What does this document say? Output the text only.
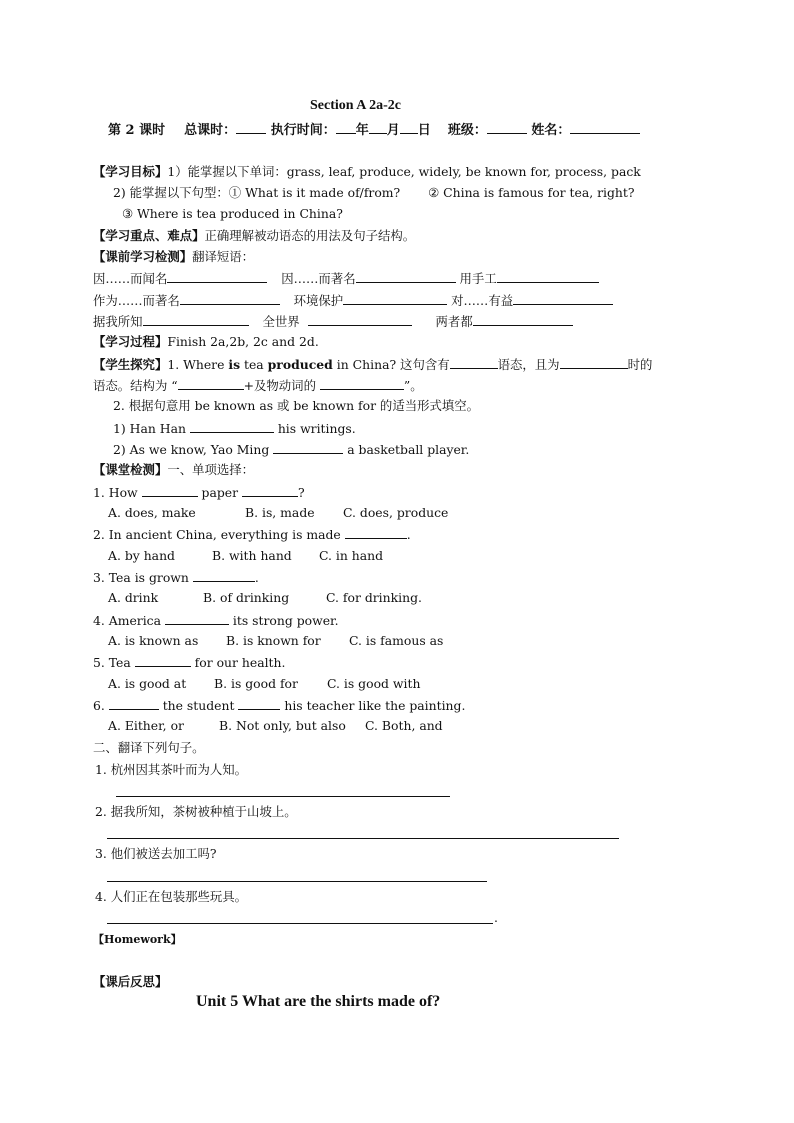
Section A 2a-2c
第 2 课时 总课时：	执行时间： 年 月 日 班级：	姓名：
【学习目标】1）能掌握以下单词：grass, leaf, produce, widely, be known for, process, pack
2) 能掌握以下句型：① What is it made of/from? ② China is famous for tea, right?
③ Where is tea produced in China?
【学习重点、难点】正确理解被动语态的用法及句子结构。
【课前学习检测】翻译短语：
因……而闻名	因……而著名	用手工
作为……而著名	环境保护	对……有益
据我所知	全世界	两者都
【学习过程】Finish 2a,2b, 2c and 2d.
【学生探究】1. Where is tea produced in China? 这句含有	语态，且为	时的
语态。结构为 “	+及物动词的	”。
2. 根据句意用 be known as 或 be known for 的适当形式填空。
1) Han Han	his writings.
2) As we know, Yao Ming	a basketball player.
【课堂检测】一、单项选择：
1. How	paper	?
A. does, make	B. is, made C. does, produce
2. In ancient China, everything is made	.
A. by hand	B. with hand C. in hand
3. Tea is grown	.
A. drink	B. of drinking	C. for drinking.
4. America	its strong power.
A. is known as B. is known for C. is famous as
5. Tea	for our health.
A. is good at B. is good for C. is good with
6.	the student	his teacher like the painting.
A. Either, or	B. Not only, but also C. Both, and
二、翻译下列句子。
1. 杭州因其茶叶而为人知。
2. 据我所知，茶树被种植于山坡上。
3. 他们被送去加工吗?
4. 人们正在包装那些玩具。
.
【Homework】
【课后反思】
Unit 5 What are the shirts made of?
